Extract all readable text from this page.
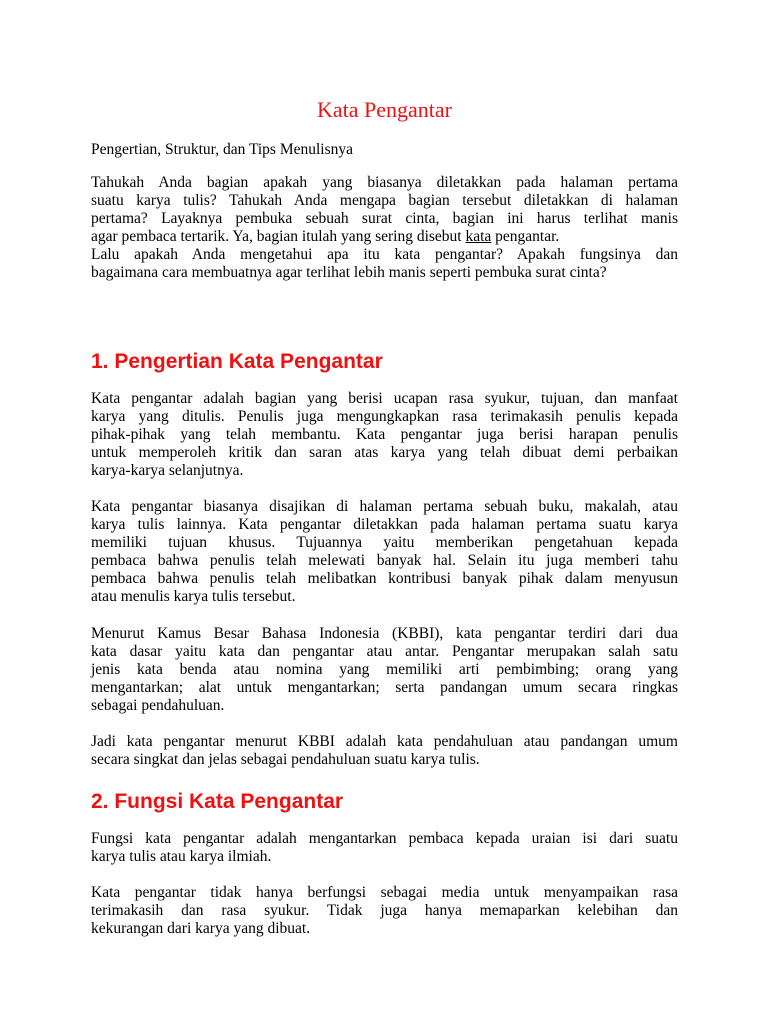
Kata Pengantar

Pengertian, Struktur, dan Tips Menulisnya

Tahukah Anda bagian apakah yang biasanya diletakkan pada halaman pertama
suatu karya tulis? Tahukah Anda mengapa bagian tersebut diletakkan di halaman
pertama? Layaknya pembuka sebuah surat cinta, bagian ini harus terlihat manis
agar pembaca tertarik. Ya, bagian itulah yang sering disebut kata pengantar.
Lalu apakah Anda mengetahui apa itu kata pengantar? Apakah fungsinya dan
bagaimana cara membuatnya agar terlihat lebih manis seperti pembuka surat cinta?
1. Pengertian Kata Pengantar
Kata pengantar adalah bagian yang berisi ucapan rasa syukur, tujuan, dan manfaat
karya yang ditulis. Penulis juga mengungkapkan rasa terimakasih penulis kepada
pihak-pihak yang telah membantu. Kata pengantar juga berisi harapan penulis
untuk memperoleh kritik dan saran atas karya yang telah dibuat demi perbaikan
karya-karya selanjutnya.
Kata pengantar biasanya disajikan di halaman pertama sebuah buku, makalah, atau
karya tulis lainnya. Kata pengantar diletakkan pada halaman pertama suatu karya
memiliki tujuan khusus. Tujuannya yaitu memberikan pengetahuan kepada
pembaca bahwa penulis telah melewati banyak hal. Selain itu juga memberi tahu
pembaca bahwa penulis telah melibatkan kontribusi banyak pihak dalam menyusun
atau menulis karya tulis tersebut.
Menurut Kamus Besar Bahasa Indonesia (KBBI), kata pengantar terdiri dari dua
kata dasar yaitu kata dan pengantar atau antar. Pengantar merupakan salah satu
jenis kata benda atau nomina yang memiliki arti pembimbing; orang yang
mengantarkan; alat untuk mengantarkan; serta pandangan umum secara ringkas
sebagai pendahuluan.
Jadi kata pengantar menurut KBBI adalah kata pendahuluan atau pandangan umum
secara singkat dan jelas sebagai pendahuluan suatu karya tulis.
2. Fungsi Kata Pengantar
Fungsi kata pengantar adalah mengantarkan pembaca kepada uraian isi dari suatu
karya tulis atau karya ilmiah.
Kata pengantar tidak hanya berfungsi sebagai media untuk menyampaikan rasa
terimakasih dan rasa syukur. Tidak juga hanya memaparkan kelebihan dan
kekurangan dari karya yang dibuat.
